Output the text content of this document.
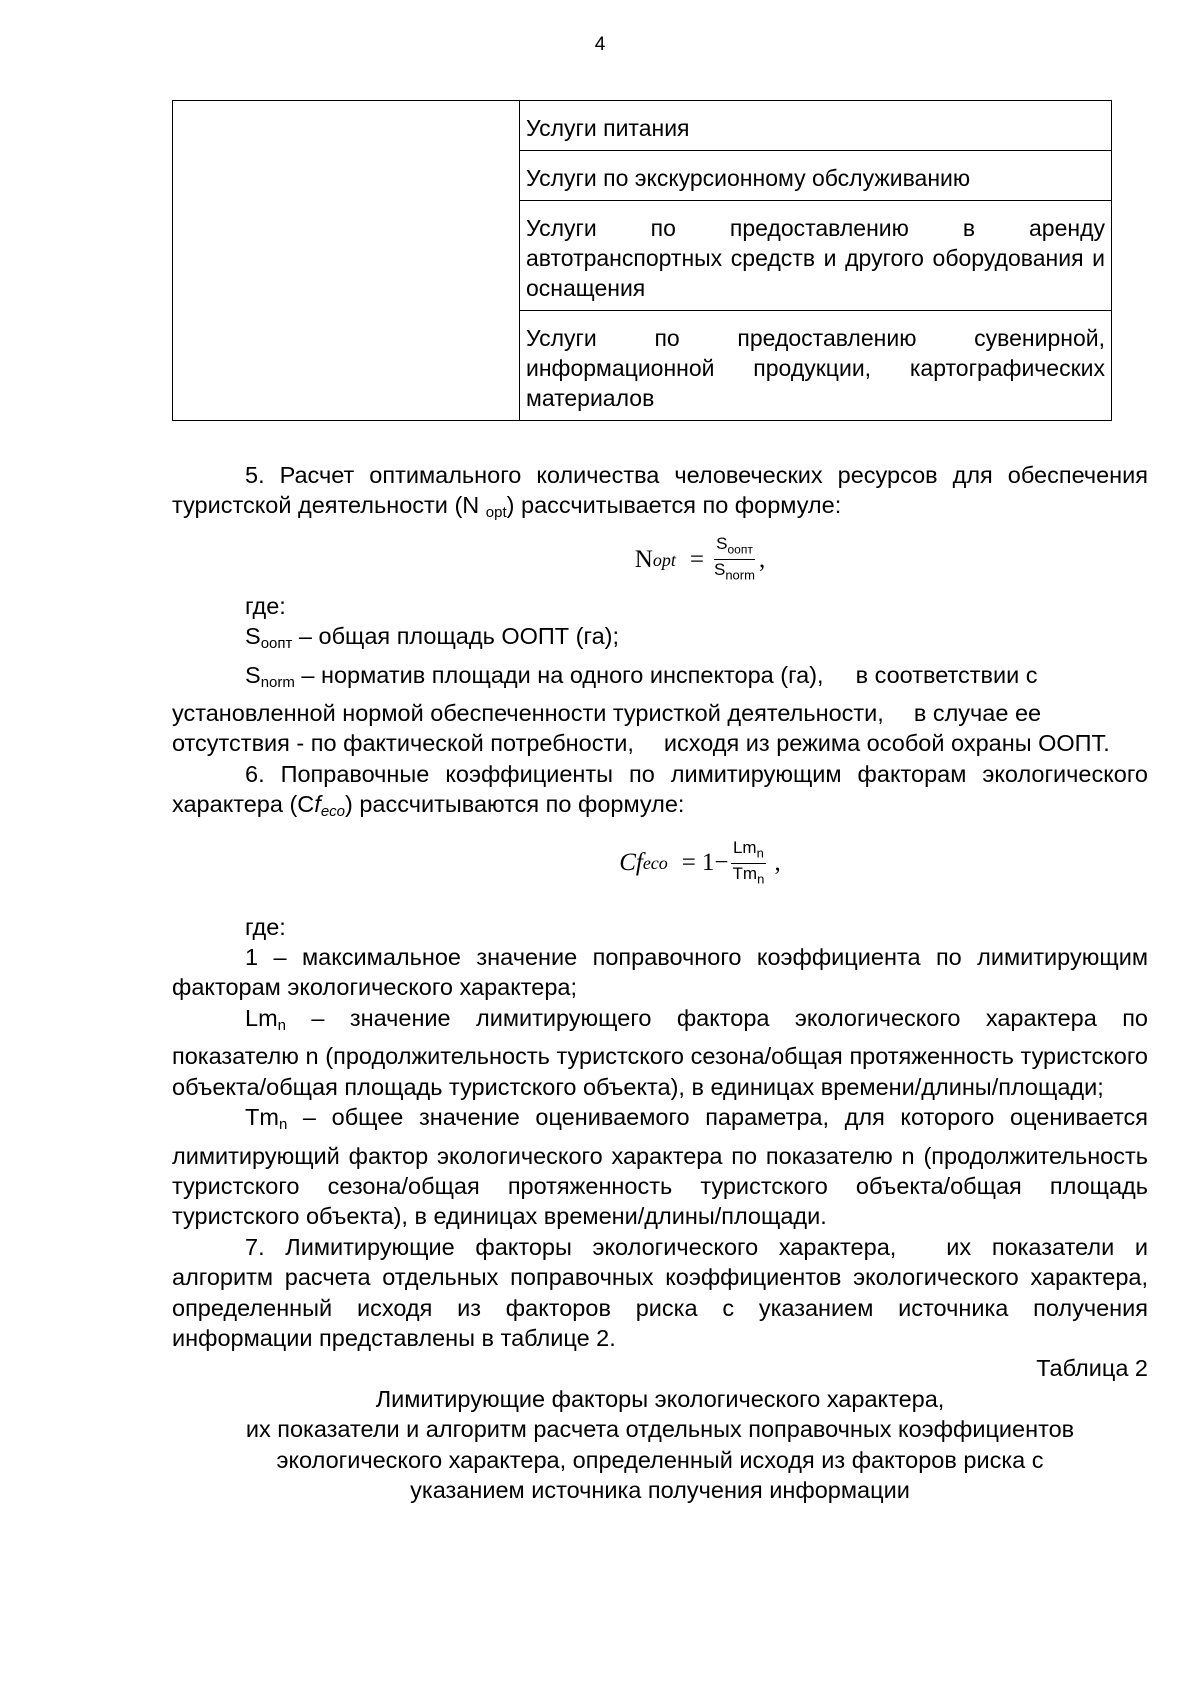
4
	Услуги питания
Услуги по экскурсионному обслуживанию
Услуги по предоставлению в аренду автотранспортных средств и другого оборудования и оснащения
Услуги по предоставлению сувенирной, информационной продукции, картографических материалов

5. Расчет оптимального количества человеческих ресурсов для обеспечения туристской деятельности (N $_{opt}$) рассчитывается по формуле:

N opt = $\frac{S_{оопт}}{S_{norm}}$ ,

где:

$S_{оопт}$ – общая площадь ООПТ (га);

$S_{norm}$ – норматив площади на одного инспектора (га), в соответствии с установленной нормой обеспеченности туристкой деятельности, в случае ее отсутствия - по фактической потребности, исходя из режима особой охраны ООПТ.

6. Поправочные коэффициенты по лимитирующим факторам экологического характера $(Cf_{eco})$ рассчитываются по формуле:

Cf eco = $1- \frac{Lm_n}{Tm_n}$
,

где:

1 – максимальное значение поправочного коэффициента по лимитирующим факторам экологического характера;

$Lm_n$ – значение лимитирующего фактора экологического характера по показателю n (продолжительность туристского сезона/общая протяженность туристского объекта/общая площадь туристского объекта), в единицах времени/длины/площади;

$Tm_n$ – общее значение оцениваемого параметра, для которого оценивается лимитирующий фактор экологического характера по показателю n (продолжительность туристского сезона/общая протяженность туристского объекта/общая площадь туристского объекта), в единицах времени/длины/площади.

7. Лимитирующие факторы экологического характера, их показатели и алгоритм расчета отдельных поправочных коэффициентов экологического характера, определенный исходя из факторов риска с указанием источника получения информации представлены в таблице 2.

Таблица 2

Лимитирующие факторы экологического характера,

их показатели и алгоритм расчета отдельных поправочных коэффициентов

экологического характера, определенный исходя из факторов риска с

указанием источника получения информации
